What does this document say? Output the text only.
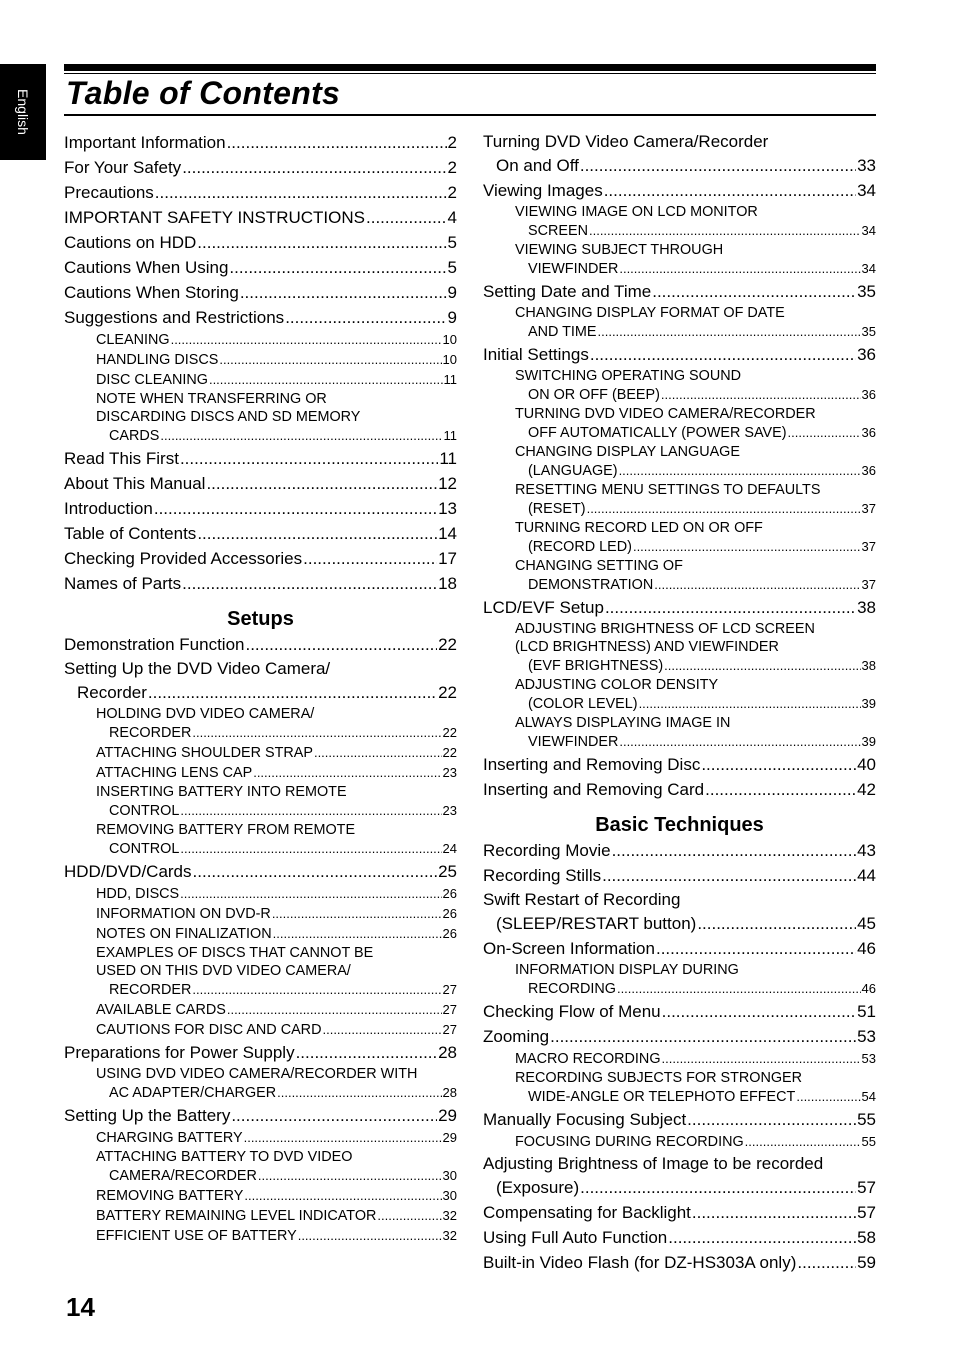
English Table of Contents
Important Information .....	2
For Your Safety .....	2
Precautions .....	2
IMPORTANT SAFETY INSTRUCTIONS .....	4
Cautions on HDD .....	5
Cautions When Using .....	5
Cautions When Storing .....	9
Suggestions and Restrictions .....	9
CLEANING .....	10
HANDLING DISCS .....	10
DISC CLEANING .....	11
NOTE WHEN TRANSFERRING OR
DISCARDING DISCS AND SD MEMORY
CARDS .....	11
Read This First .....	11
About This Manual .....	12
Introduction .....	13
Table of Contents .....	14
Checking Provided Accessories .....	17
Names of Parts .....	18
Setups
Demonstration Function .....	22
Setting Up the DVD Video Camera/
Recorder .....	22
HOLDING DVD VIDEO CAMERA/
RECORDER .....	22
ATTACHING SHOULDER STRAP .....	22
ATTACHING LENS CAP .....	23
INSERTING BATTERY INTO REMOTE
CONTROL .....	23
REMOVING BATTERY FROM REMOTE
CONTROL .....	24
HDD/DVD/Cards .....	25
HDD, DISCS .....	26
INFORMATION ON DVD-R .....	26
NOTES ON FINALIZATION .....	26
EXAMPLES OF DISCS THAT CANNOT BE
USED ON THIS DVD VIDEO CAMERA/
RECORDER .....	27
AVAILABLE CARDS .....	27
CAUTIONS FOR DISC AND CARD .....	27
Preparations for Power Supply .....	28
USING DVD VIDEO CAMERA/RECORDER WITH
AC ADAPTER/CHARGER .....	28
Setting Up the Battery .....	29
CHARGING BATTERY .....	29
ATTACHING BATTERY TO DVD VIDEO
CAMERA/RECORDER .....	30
REMOVING BATTERY .....	30
BATTERY REMAINING LEVEL INDICATOR .....	32
EFFICIENT USE OF BATTERY .....	32
Turning DVD Video Camera/Recorder
On and Off .....	33
Viewing Images .....	34
VIEWING IMAGE ON LCD MONITOR
SCREEN .....	34
VIEWING SUBJECT THROUGH
VIEWFINDER .....	34
Setting Date and Time .....	35
CHANGING DISPLAY FORMAT OF DATE
AND TIME .....	35
Initial Settings .....	36
SWITCHING OPERATING SOUND
ON OR OFF (BEEP) .....	36
TURNING DVD VIDEO CAMERA/RECORDER
OFF AUTOMATICALLY (POWER SAVE) .....	36
CHANGING DISPLAY LANGUAGE
(LANGUAGE) .....	36
RESETTING MENU SETTINGS TO DEFAULTS
(RESET) .....	37
TURNING RECORD LED ON OR OFF
(RECORD LED) .....	37
CHANGING SETTING OF
DEMONSTRATION .....	37
LCD/EVF Setup .....	38
ADJUSTING BRIGHTNESS OF LCD SCREEN
(LCD BRIGHTNESS) AND VIEWFINDER
(EVF BRIGHTNESS) .....	38
ADJUSTING COLOR DENSITY
(COLOR LEVEL) .....	39
ALWAYS DISPLAYING IMAGE IN
VIEWFINDER .....	39
Inserting and Removing Disc .....	40
Inserting and Removing Card .....	42
Basic Techniques
Recording Movie .....	43
Recording Stills .....	44
Swift Restart of Recording
(SLEEP/RESTART button) .....	45
On-Screen Information .....	46
INFORMATION DISPLAY DURING
RECORDING .....	46
Checking Flow of Menu .....	51
Zooming .....	53
MACRO RECORDING .....	53
RECORDING SUBJECTS FOR STRONGER
WIDE-ANGLE OR TELEPHOTO EFFECT .....	54
Manually Focusing Subject .....	55
FOCUSING DURING RECORDING .....	55
Adjusting Brightness of Image to be recorded
(Exposure) .....	57
Compensating for Backlight .....	57
Using Full Auto Function .....	58
Built-in Video Flash (for DZ-HS303A only) .....	59
14
